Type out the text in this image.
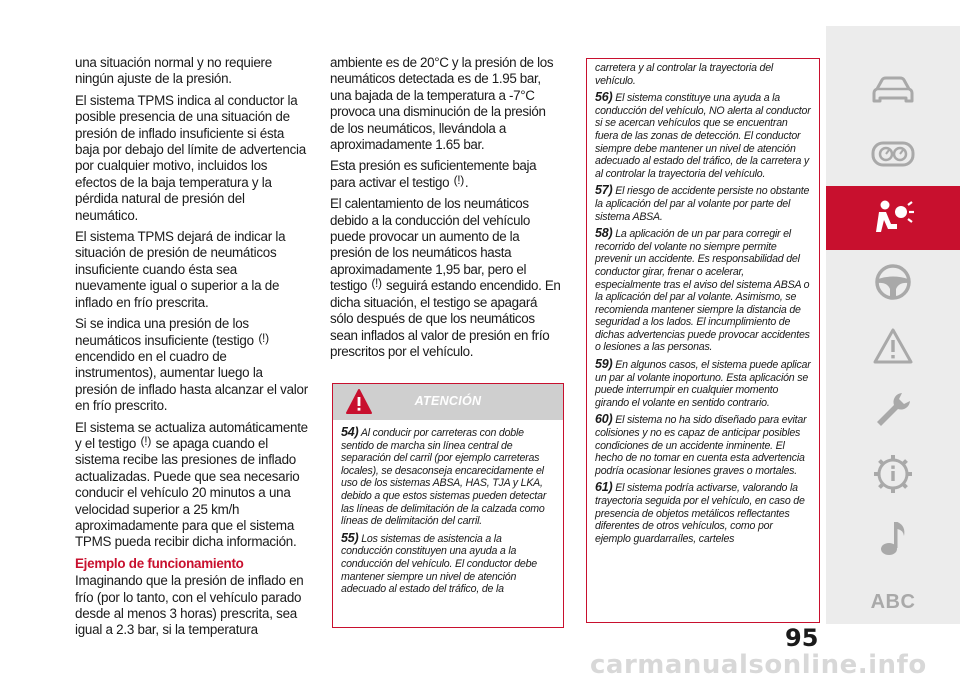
una situación normal y no requiere ningún ajuste de la presión.

El sistema TPMS indica al conductor la posible presencia de una situación de presión de inflado insuficiente si ésta baja por debajo del límite de advertencia por cualquier motivo, incluidos los efectos de la baja temperatura y la pérdida natural de presión del neumático.

El sistema TPMS dejará de indicar la situación de presión de neumáticos insuficiente cuando ésta sea nuevamente igual o superior a la de inflado en frío prescrita.

Si se indica una presión de los neumáticos insuficiente (testigo (!) encendido en el cuadro de instrumentos), aumentar luego la presión de inflado hasta alcanzar el valor en frío prescrito.

El sistema se actualiza automáticamente y el testigo (!) se apaga cuando el sistema recibe las presiones de inflado actualizadas. Puede que sea necesario conducir el vehículo 20 minutos a una velocidad superior a 25 km/h aproximadamente para que el sistema TPMS pueda recibir dicha información.

Ejemplo de funcionamiento

Imaginando que la presión de inflado en frío (por lo tanto, con el vehículo parado desde al menos 3 horas) prescrita, sea igual a 2.3 bar, si la temperatura

ambiente es de 20°C y la presión de los neumáticos detectada es de 1.95 bar, una bajada de la temperatura a -7°C provoca una disminución de la presión de los neumáticos, llevándola a aproximadamente 1.65 bar.

Esta presión es suficientemente baja para activar el testigo (!).

El calentamiento de los neumáticos debido a la conducción del vehículo puede provocar un aumento de la presión de los neumáticos hasta aproximadamente 1,95 bar, pero el testigo (!) seguirá estando encendido. En dicha situación, el testigo se apagará sólo después de que los neumáticos sean inflados al valor de presión en frío prescritos por el vehículo.

ATENCIÓN

54) Al conducir por carreteras con doble sentido de marcha sin línea central de separación del carril (por ejemplo carreteras locales), se desaconseja encarecidamente el uso de los sistemas ABSA, HAS, TJA y LKA, debido a que estos sistemas pueden detectar las líneas de delimitación de la calzada como líneas de delimitación del carril.

55) Los sistemas de asistencia a la conducción constituyen una ayuda a la conducción del vehículo. El conductor debe mantener siempre un nivel de atención adecuado al estado del tráfico, de la

carretera y al controlar la trayectoria del vehículo.

56) El sistema constituye una ayuda a la conducción del vehículo, NO alerta al conductor si se acercan vehículos que se encuentran fuera de las zonas de detección. El conductor siempre debe mantener un nivel de atención adecuado al estado del tráfico, de la carretera y al controlar la trayectoria del vehículo.

57) El riesgo de accidente persiste no obstante la aplicación del par al volante por parte del sistema ABSA.

58) La aplicación de un par para corregir el recorrido del volante no siempre permite prevenir un accidente. Es responsabilidad del conductor girar, frenar o acelerar, especialmente tras el aviso del sistema ABSA o la aplicación del par al volante. Asimismo, se recomienda mantener siempre la distancia de seguridad a los lados. El incumplimiento de dichas advertencias puede provocar accidentes o lesiones a las personas.

59) En algunos casos, el sistema puede aplicar un par al volante inoportuno. Esta aplicación se puede interrumpir en cualquier momento girando el volante en sentido contrario.

60) El sistema no ha sido diseñado para evitar colisiones y no es capaz de anticipar posibles condiciones de un accidente inminente. El hecho de no tomar en cuenta esta advertencia podría ocasionar lesiones graves o mortales.

61) El sistema podría activarse, valorando la trayectoria seguida por el vehículo, en caso de presencia de objetos metálicos reflectantes diferentes de otros vehículos, como por ejemplo guardarraíles, carteles

95
ABC
carmanualsonline.info
